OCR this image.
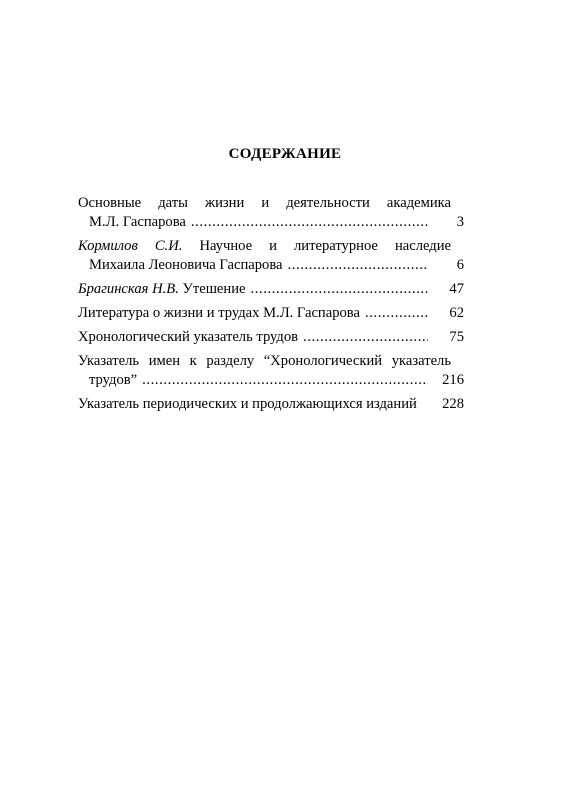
СОДЕРЖАНИЕ
Основные даты жизни и деятельности академика
М.Л. Гаспарова .....	3
Кормилов С.И. Научное и литературное наследие
Михаила Леоновича Гаспарова .....	6
Брагинская Н.В. Утешение .....	47
Литература о жизни и трудах М.Л. Гаспарова .....	62
Хронологический указатель трудов .....	75
Указатель имен к разделу “Хронологический указатель
трудов” .....	216
Указатель периодических и продолжающихся изданий	228
